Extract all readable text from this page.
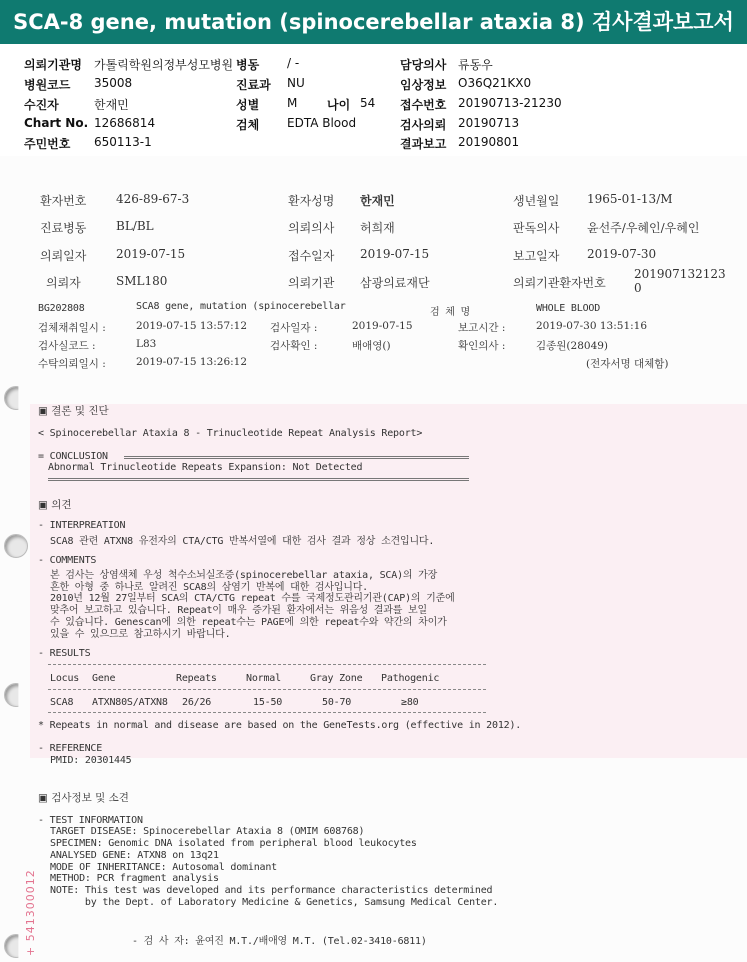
SCA-8 gene, mutation (spinocerebellar ataxia 8) 검사결과보고서
의뢰기관명 가톨릭학원의정부성모병원 병동 / -	담당의사 류동우
병원코드 35008	진료과 NU	임상정보 O36Q21KX0
수진자	한재민	성별 M 나이 54 접수번호 20190713-21230
Chart No. 12686814	검체 EDTA Blood	검사의뢰 20190713
주민번호 650113-1	결과보고 20190801
+ 541300012
환자번호 426-89-67-3	환자성명 한재민	생년월일 1965-01-13/M
진료병동 BL/BL	의뢰의사 허희재	판독의사 윤선주/우혜인/우혜인
의뢰일자 2019-07-15	접수일자 2019-07-15	보고일자 2019-07-30
의뢰자	SML180	의뢰기관 삼광의료재단	의뢰기관환자번호
201907132123
0
BG202808	SCA8 gene, mutation (spinocerebellar
검 체 명	WHOLE BLOOD
검체채취일시 :	2019-07-15 13:57:12 검사일자 :	2019-07-15	보고시간 :	2019-07-30 13:51:16
검사실코드 :	L83	검사확인 :	배애영()	확인의사 :	김종원(28049)
수탁의뢰일시 :	2019-07-15 13:26:12	(전자서명 대체함)
▣ 결론 및 진단
< Spinocerebellar Ataxia 8 - Trinucleotide Repeat Analysis Report>
= CONCLUSION
Abnormal Trinucleotide Repeats Expansion: Not Detected
▣ 의견
- INTERPREATION
SCA8 관련 ATXN8 유전자의 CTA/CTG 반복서열에 대한 검사 결과 정상 소견입니다.
- COMMENTS
본 검사는 상염색체 우성 척수소뇌실조증(spinocerebellar ataxia, SCA)의 가장
흔한 아형 중 하나로 알려진 SCA8의 삼염기 반복에 대한 검사입니다.
2010년 12월 27일부터 SCA의 CTA/CTG repeat 수를 국제정도관리기관(CAP)의 기준에
맞추어 보고하고 있습니다. Repeat이 매우 증가된 환자에서는 위음성 결과를 보일
수 있습니다. Genescan에 의한 repeat수는 PAGE에 의한 repeat수와 약간의 차이가
있을 수 있으므로 참고하시기 바랍니다.
- RESULTS
Locus Gene	Repeats	Normal	Gray Zone Pathogenic
SCA8 ATXN80S/ATXN8 26/26	15-50	50-70	≥80
* Repeats in normal and disease are based on the GeneTests.org (effective in 2012).
- REFERENCE
PMID: 20301445
▣ 검사정보 및 소견
- TEST INFORMATION
TARGET DISEASE: Spinocerebellar Ataxia 8 (OMIM 608768)
SPECIMEN: Genomic DNA isolated from peripheral blood leukocytes
ANALYSED GENE: ATXN8 on 13q21
MODE OF INHERITANCE: Autosomal dominant
METHOD: PCR fragment analysis
NOTE: This test was developed and its performance characteristics determined
by the Dept. of Laboratory Medicine & Genetics, Samsung Medical Center.
- 검 사 자: 윤여진 M.T./배애영 M.T. (Tel.02-3410-6811)
